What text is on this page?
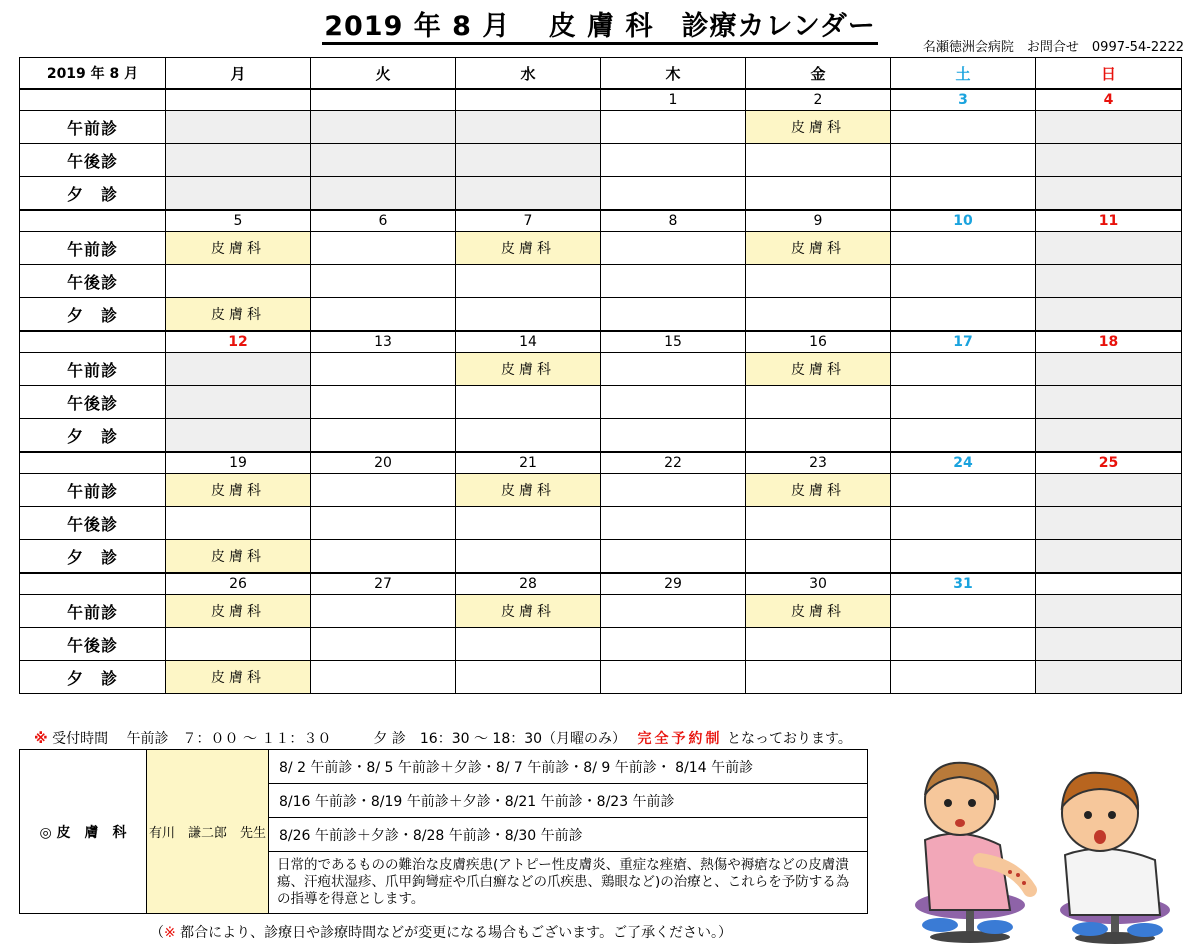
2019 年 8 月　 皮 膚 科　診療カレンダー
名瀬徳洲会病院　お問合せ　0997-54-2222
2019 年 8 月	月	火	水	木	金	土	日
				1	2	3	4
午前診					皮膚科		
午後診							
夕　診							
	5	6	7	8	9	10	11
午前診	皮膚科		皮膚科		皮膚科		
午後診							
夕　診	皮膚科						
	12	13	14	15	16	17	18
午前診			皮膚科		皮膚科		
午後診							
夕　診							
	19	20	21	22	23	24	25
午前診	皮膚科		皮膚科		皮膚科		
午後診							
夕　診	皮膚科						
	26	27	28	29	30	31	
午前診	皮膚科		皮膚科		皮膚科		
午後診							
夕　診	皮膚科						
※ 受付時間　 午前診　７：００ 〜 １１：３０　　　夕 診　16：30 〜 18：30（月曜のみ）　 完全予約制 となっております。
◎ 皮　膚　科	有川　謙二郎　先生	8/ 2 午前診・8/ 5 午前診＋夕診・8/ 7 午前診・8/ 9 午前診・ 8/14 午前診
8/16 午前診・8/19 午前診＋夕診・8/21 午前診・8/23 午前診
8/26 午前診＋夕診・8/28 午前診・8/30 午前診
日常的であるものの難治な皮膚疾患(アトピー性皮膚炎、重症な痤瘡、熱傷や褥瘡などの皮膚潰瘍、汗疱状湿疹、爪甲鉤彎症や爪白癬などの爪疾患、鶏眼など)の治療と、これらを予防する為の指導を得意とします。
（※ 都合により、診療日や診療時間などが変更になる場合もございます。ご了承ください。）
